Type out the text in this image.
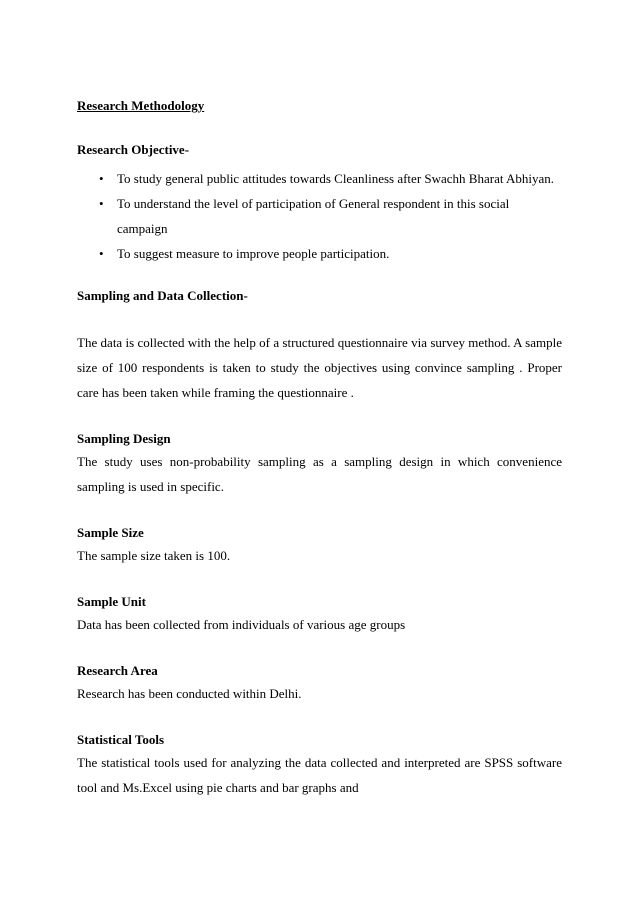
Research Methodology

Research Objective-

• To study general public attitudes towards Cleanliness after Swachh Bharat Abhiyan.
• To understand the level of participation of General respondent in this social campaign
• To suggest measure to improve people participation.

Sampling and Data Collection-

The data is collected with the help of a structured questionnaire via survey method. A sample size of 100 respondents is taken to study the objectives using convince sampling . Proper care has been taken while framing the questionnaire .

Sampling Design

The study uses non-probability sampling as a sampling design in which convenience sampling is used in specific.

Sample Size

The sample size taken is 100.

Sample Unit

Data has been collected from individuals of various age groups

Research Area

Research has been conducted within Delhi.

Statistical Tools

The statistical tools used for analyzing the data collected and interpreted are SPSS software tool and Ms.Excel using pie charts and bar graphs and
